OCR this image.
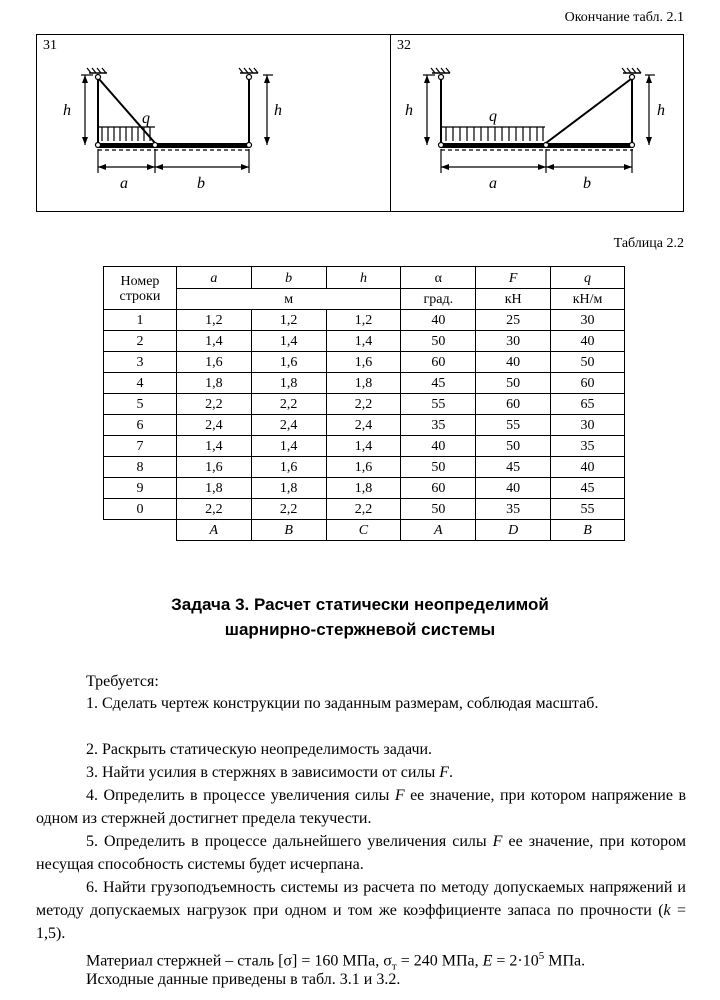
Окончание табл. 2.1
31	32
h	q	h
a	b
h	q	h
a	b
Таблица 2.2
Номер
строки	a	b	h	α	F	q
	м			град.	кН	кН/м
1	1,2	1,2	1,2	40	25	30
2	1,4	1,4	1,4	50	30	40
3	1,6	1,6	1,6	60	40	50
4	1,8	1,8	1,8	45	50	60
5	2,2	2,2	2,2	55	60	65
6	2,4	2,4	2,4	35	55	30
7	1,4	1,4	1,4	40	50	35
8	1,6	1,6	1,6	50	45	40
9	1,8	1,8	1,8	60	40	45
0	2,2	2,2	2,2	50	35	55
	A	B	C	A	D	B
Задача 3. Расчет статически неопределимой
шарнирно-стержневой системы
Требуется:
1. Сделать чертеж конструкции по заданным размерам, соблюдая масштаб.
2. Раскрыть статическую неопределимость задачи.
3. Найти усилия в стержнях в зависимости от силы F.
4. Определить в процессе увеличения силы F ее значение, при котором напряжение в одном из стержней достигнет предела текучести.
5. Определить в процессе дальнейшего увеличения силы F ее значение, при котором несущая способность системы будет исчерпана.
6. Найти грузоподъемность системы из расчета по методу допускаемых напряжений и методу допускаемых нагрузок при одном и том же коэффициенте запаса по прочности (k = 1,5).
Материал стержней – сталь [σ] = 160 МПа, $\sigma_т = 240$ МПа, $E = 2\cdot 10^5$ МПа.
Исходные данные приведены в табл. 3.1 и 3.2.
